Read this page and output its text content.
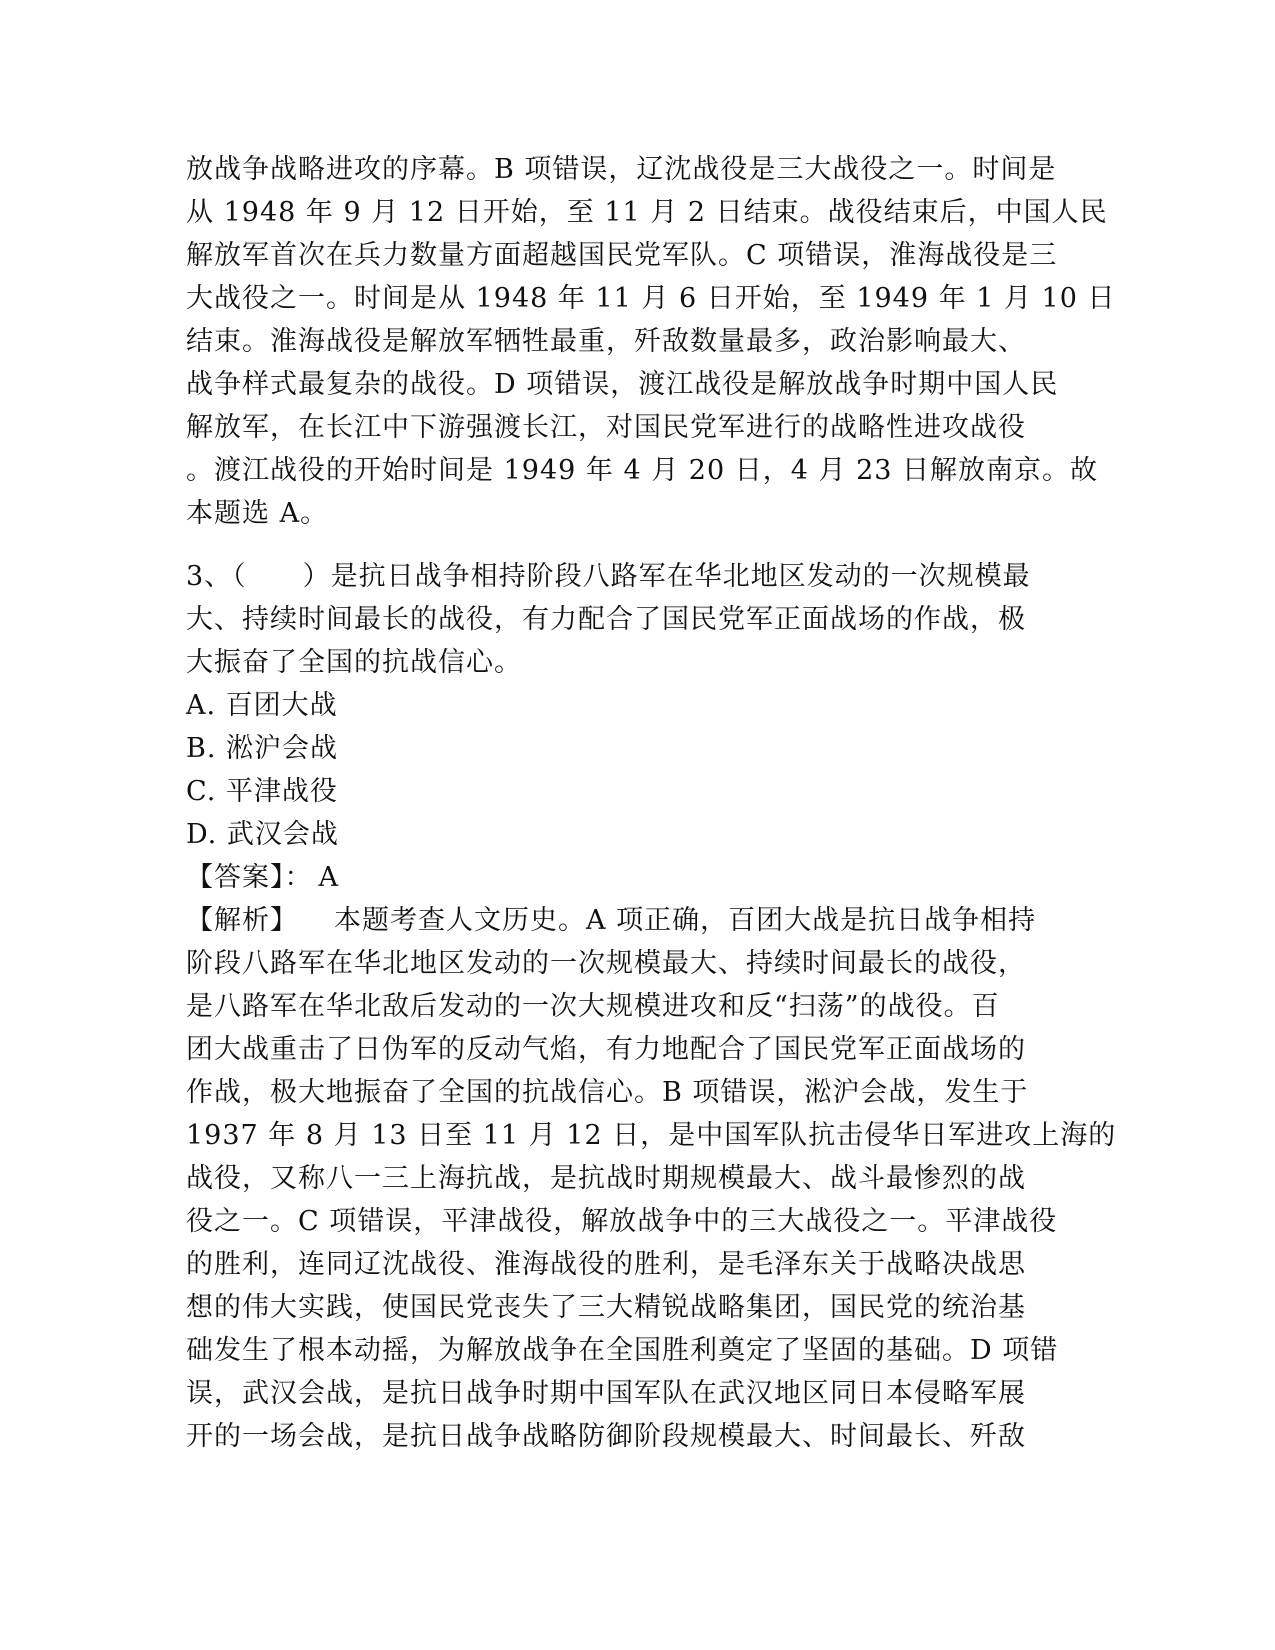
放战争战略进攻的序幕。B 项错误，辽沈战役是三大战役之一。时间是
从 1948 年 9 月 12 日开始，至 11 月 2 日结束。战役结束后，中国人民
解放军首次在兵力数量方面超越国民党军队。C 项错误，淮海战役是三
大战役之一。时间是从 1948 年 11 月 6 日开始，至 1949 年 1 月 10 日
结束。淮海战役是解放军牺牲最重，歼敌数量最多，政治影响最大、
战争样式最复杂的战役。D 项错误，渡江战役是解放战争时期中国人民
解放军，在长江中下游强渡长江，对国民党军进行的战略性进攻战役
。渡江战役的开始时间是 1949 年 4 月 20 日，4 月 23 日解放南京。故
本题选 A。
3、（　　）是抗日战争相持阶段八路军在华北地区发动的一次规模最
大、持续时间最长的战役，有力配合了国民党军正面战场的作战，极
大振奋了全国的抗战信心。
A. 百团大战
B. 淞沪会战
C. 平津战役
D. 武汉会战
【答案】： A
【解析】 本题考查人文历史。A 项正确，百团大战是抗日战争相持
阶段八路军在华北地区发动的一次规模最大、持续时间最长的战役，
是八路军在华北敌后发动的一次大规模进攻和反“扫荡”的战役。百
团大战重击了日伪军的反动气焰，有力地配合了国民党军正面战场的
作战，极大地振奋了全国的抗战信心。B 项错误，淞沪会战，发生于
1937 年 8 月 13 日至 11 月 12 日，是中国军队抗击侵华日军进攻上海的
战役，又称八一三上海抗战，是抗战时期规模最大、战斗最惨烈的战
役之一。C 项错误，平津战役，解放战争中的三大战役之一。平津战役
的胜利，连同辽沈战役、淮海战役的胜利，是毛泽东关于战略决战思
想的伟大实践，使国民党丧失了三大精锐战略集团，国民党的统治基
础发生了根本动摇，为解放战争在全国胜利奠定了坚固的基础。D 项错
误，武汉会战，是抗日战争时期中国军队在武汉地区同日本侵略军展
开的一场会战，是抗日战争战略防御阶段规模最大、时间最长、歼敌
